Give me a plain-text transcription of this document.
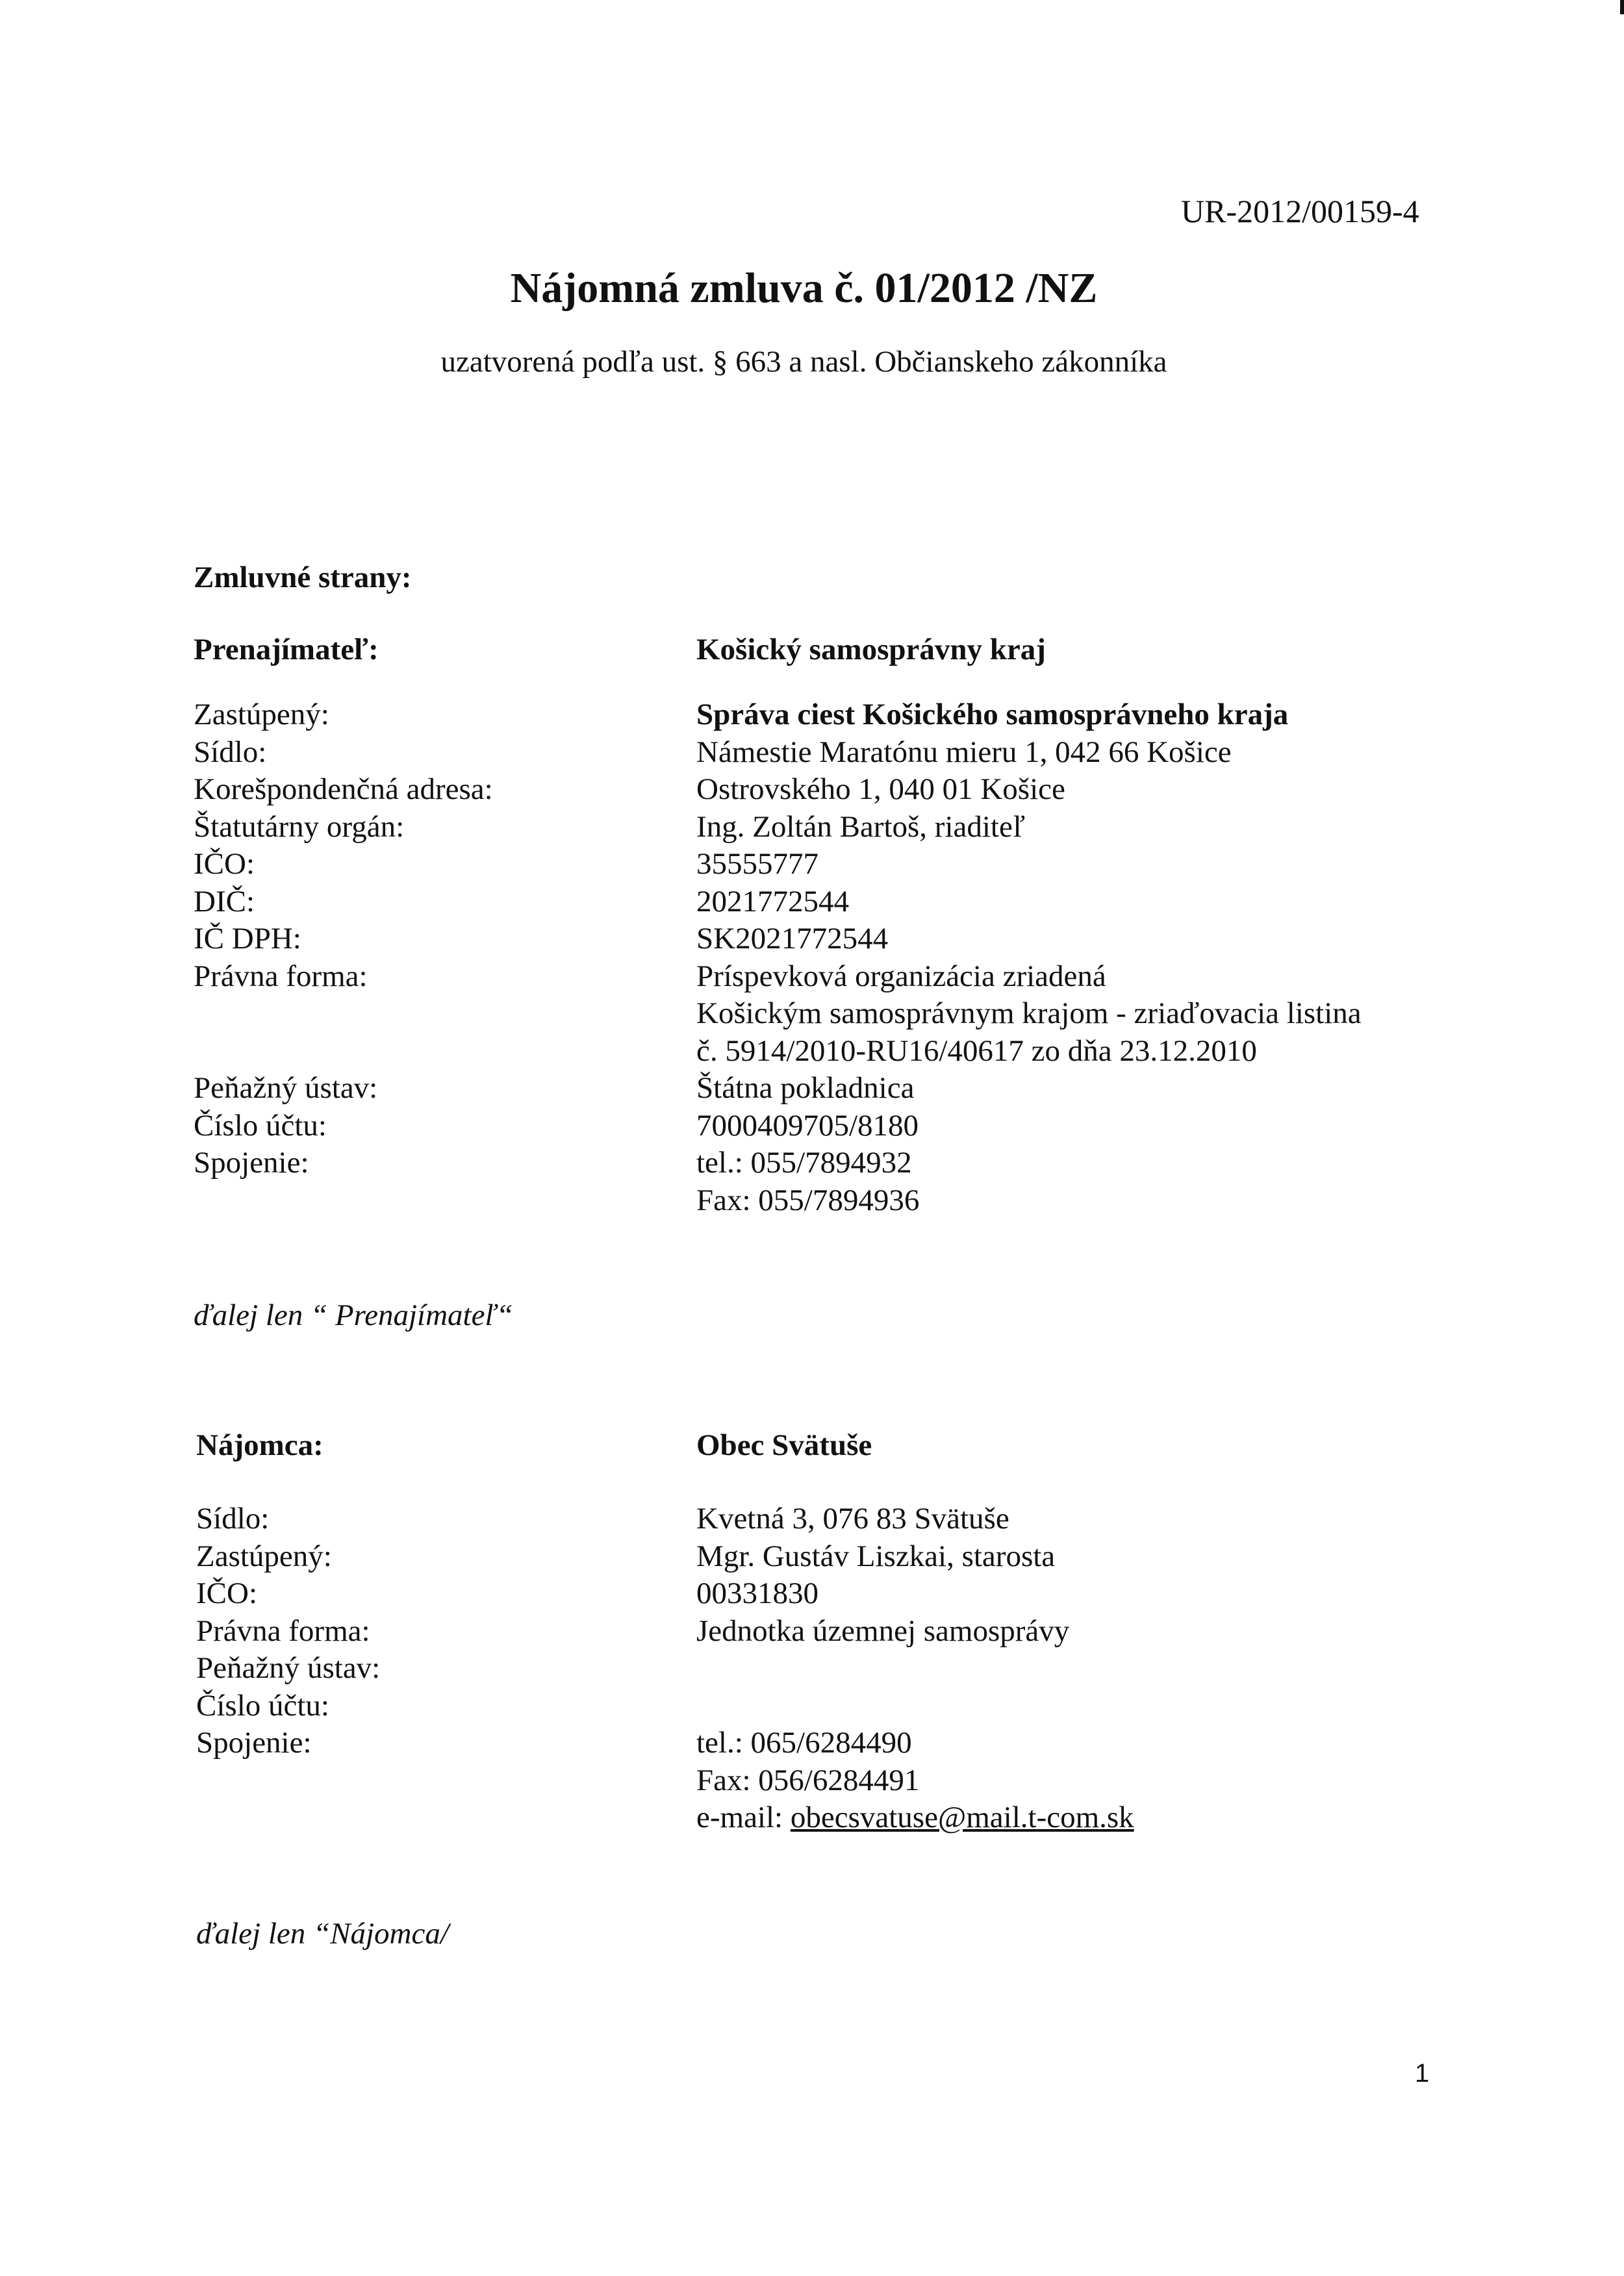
UR-2012/00159-4
Nájomná zmluva č. 01/2012 /NZ
uzatvorená podľa ust. § 663 a nasl. Občianskeho zákonníka
Zmluvné strany:
Prenajímateľ:	Košický samosprávny kraj
Zastúpený:
Sídlo:
Korešpondenčná adresa:
Štatutárny orgán:
IČO:
DIČ:
IČ DPH:
Právna forma:
Peňažný ústav:
Číslo účtu:
Spojenie:
Správa ciest Košického samosprávneho kraja
Námestie Maratónu mieru 1, 042 66 Košice
Ostrovského 1, 040 01 Košice
Ing. Zoltán Bartoš, riaditeľ
35555777
2021772544
SK2021772544
Príspevková organizácia zriadená
Košickým samosprávnym krajom - zriaďovacia listina
č. 5914/2010-RU16/40617 zo dňa 23.12.2010
Štátna pokladnica
7000409705/8180
tel.: 055/7894932
Fax: 055/7894936
ďalej len “ Prenajímateľ“
Nájomca:	Obec Svätuše
Sídlo:
Zastúpený:
IČO:
Právna forma:
Peňažný ústav:
Číslo účtu:
Spojenie:
Kvetná 3, 076 83 Svätuše
Mgr. Gustáv Liszkai, starosta
00331830
Jednotka územnej samosprávy
tel.: 065/6284490
Fax: 056/6284491
e-mail: obecsvatuse@mail.t-com.sk
ďalej len “Nájomca/
1
